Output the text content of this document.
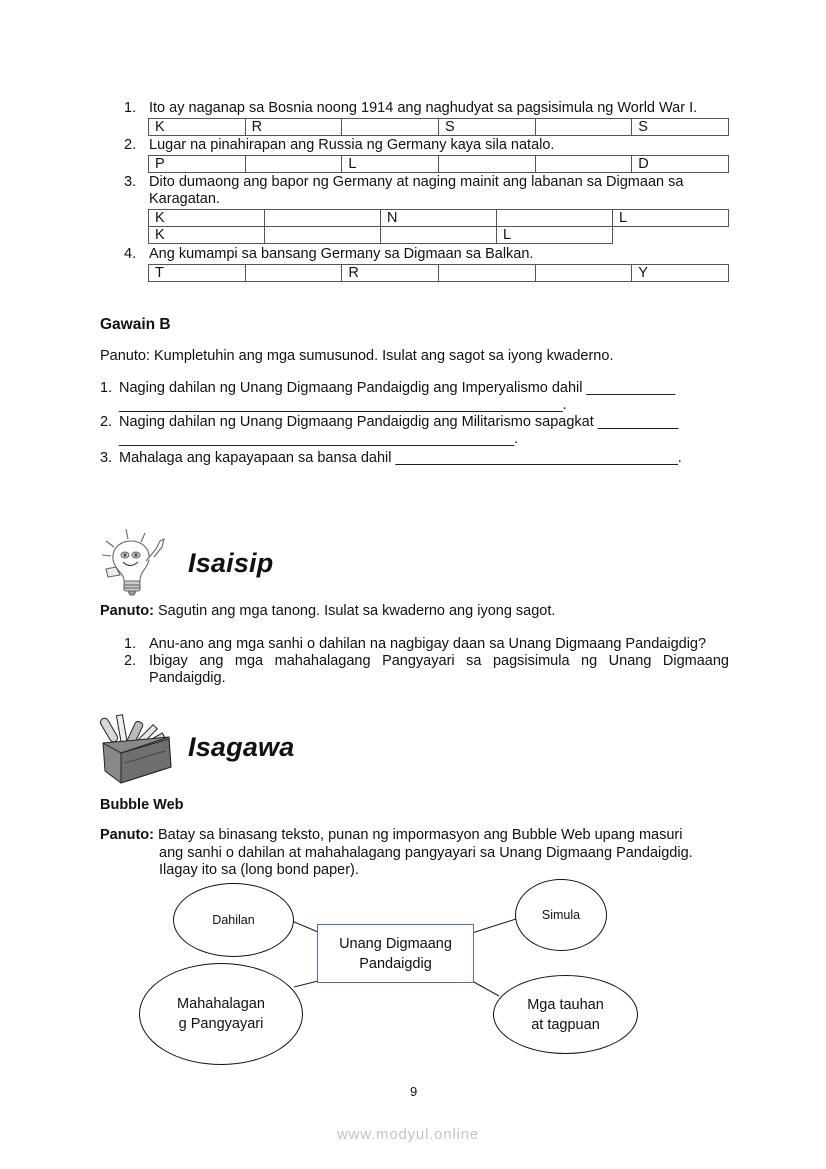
1. Ito ay naganap sa Bosnia noong 1914 ang naghudyat sa pagsisimula ng World War I.
K	R		S		S
2. Lugar na pinahirapan ang Russia ng Germany kaya sila natalo.
P		L			D
3. Dito dumaong ang bapor ng Germany at naging mainit ang labanan sa Digmaan sa
Karagatan.
K		N		L
K			L	
4. Ang kumampi sa bansang Germany sa Digmaan sa Balkan.
T		R			Y
Gawain B
Panuto: Kumpletuhin ang mga sumusunod. Isulat ang sagot sa iyong kwaderno.
1. Naging dahilan ng Unang Digmaang Pandaigdig ang Imperyalismo dahil ___________
_______________________________________________________.
2. Naging dahilan ng Unang Digmaang Pandaigdig ang Militarismo sapagkat __________
_________________________________________________.
3. Mahalaga ang kapayapaan sa bansa dahil ___________________________________.
Isaisip
Panuto: Sagutin ang mga tanong. Isulat sa kwaderno ang iyong sagot.
1. Anu-ano ang mga sanhi o dahilan na nagbigay daan sa Unang Digmaang Pandaigdig?
2. Ibigay ang mga mahahalagang Pangyayari sa pagsisimula ng Unang Digmaang
Pandaigdig.
Isagawa
Bubble Web
Panuto: Batay sa binasang teksto, punan ng impormasyon ang Bubble Web upang masuri
ang sanhi o dahilan at mahahalagang pangyayari sa Unang Digmaang Pandaigdig.
Ilagay ito sa (long bond paper).
Dahilan	Simula
Unang Digmaang
Pandaigdig
Mahahalagan
g Pangyayari
Mga tauhan
at tagpuan
9
www.modyul.online
